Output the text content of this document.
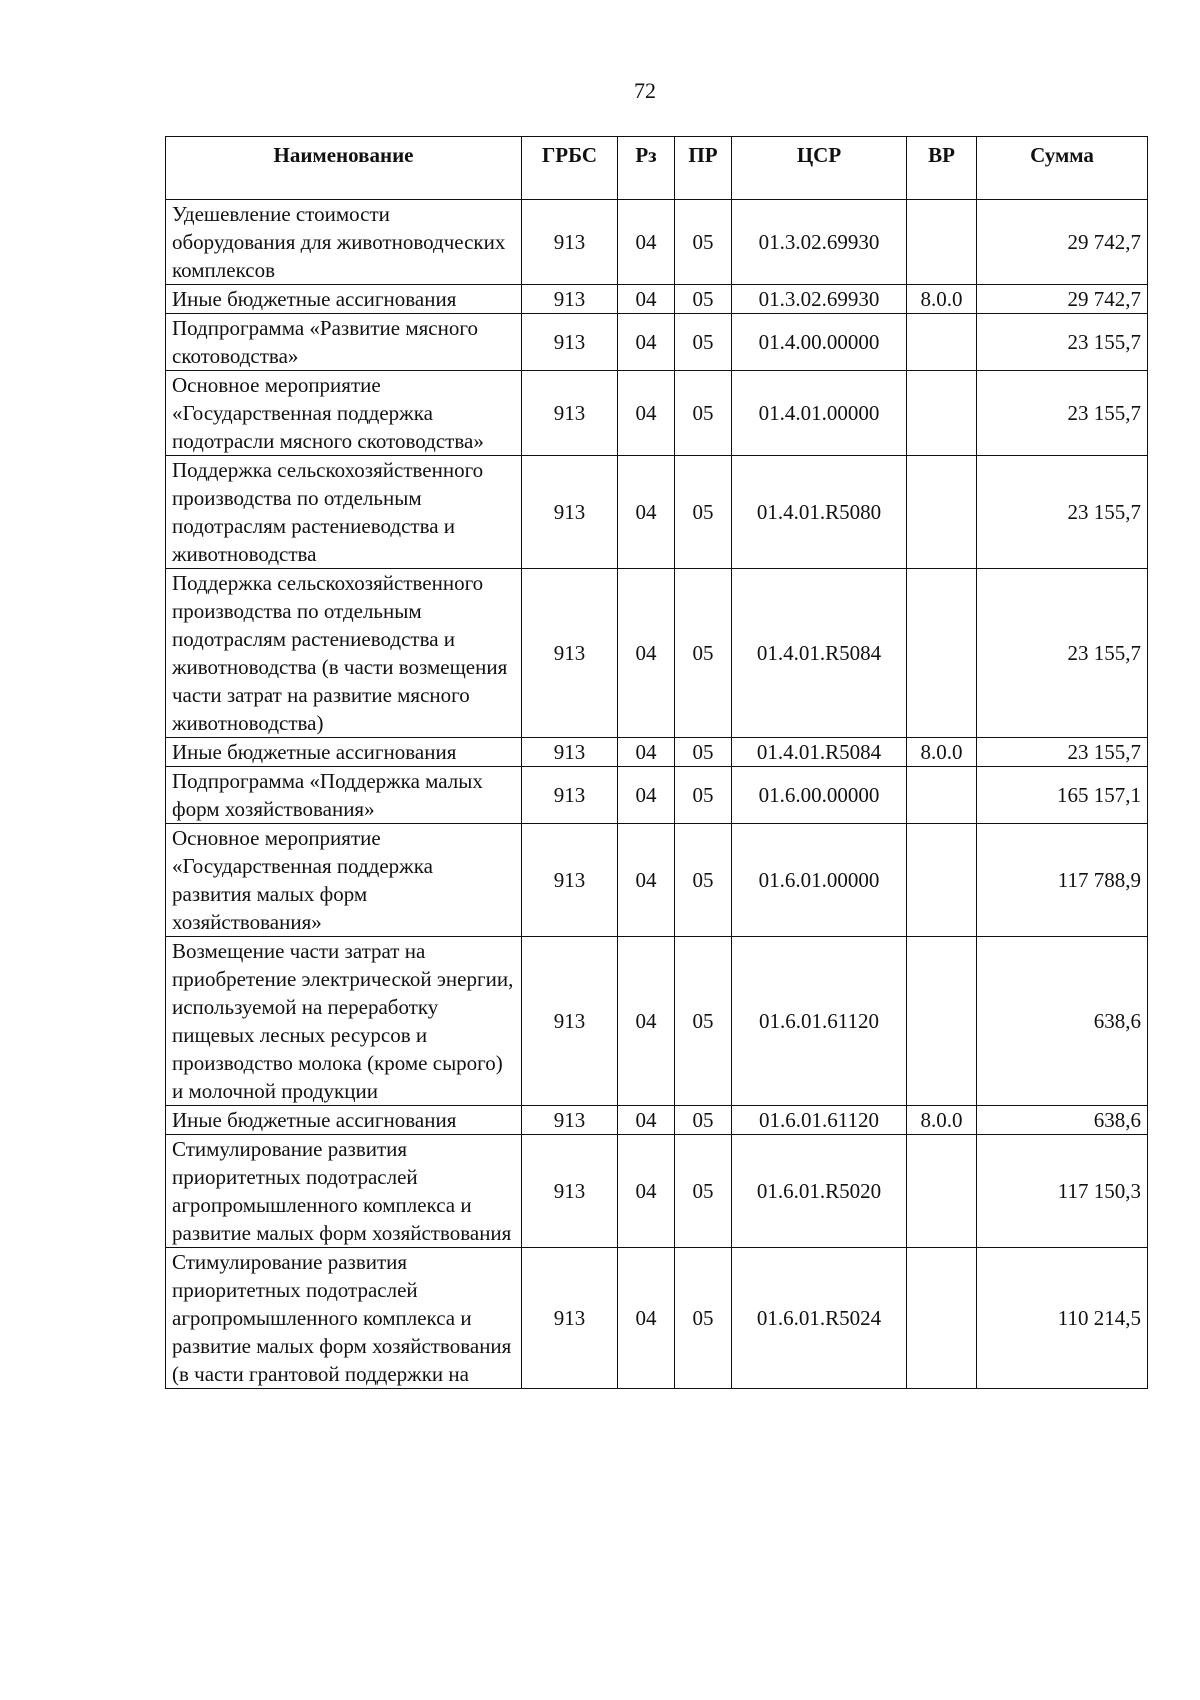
72
Наименование	ГРБС	Рз	ПР	ЦСР	ВР	Сумма
Удешевление стоимости оборудования для животноводческих комплексов	913	04	05	01.3.02.69930		29 742,7
Иные бюджетные ассигнования	913	04	05	01.3.02.69930	8.0.0	29 742,7
Подпрограмма «Развитие мясного скотоводства»	913	04	05	01.4.00.00000		23 155,7
Основное мероприятие «Государственная поддержка подотрасли мясного скотоводства»	913	04	05	01.4.01.00000		23 155,7
Поддержка сельскохозяйственного производства по отдельным подотраслям растениеводства и животноводства	913	04	05	01.4.01.R5080		23 155,7
Поддержка сельскохозяйственного производства по отдельным подотраслям растениеводства и животноводства (в части возмещения части затрат на развитие мясного животноводства)	913	04	05	01.4.01.R5084		23 155,7
Иные бюджетные ассигнования	913	04	05	01.4.01.R5084	8.0.0	23 155,7
Подпрограмма «Поддержка малых форм хозяйствования»	913	04	05	01.6.00.00000		165 157,1
Основное мероприятие «Государственная поддержка развития малых форм хозяйствования»	913	04	05	01.6.01.00000		117 788,9
Возмещение части затрат на приобретение электрической энергии, используемой на переработку пищевых лесных ресурсов и производство молока (кроме сырого) и молочной продукции	913	04	05	01.6.01.61120		638,6
Иные бюджетные ассигнования	913	04	05	01.6.01.61120	8.0.0	638,6
Стимулирование развития приоритетных подотраслей агропромышленного комплекса и развитие малых форм хозяйствования	913	04	05	01.6.01.R5020		117 150,3
Стимулирование развития приоритетных подотраслей агропромышленного комплекса и развитие малых форм хозяйствования (в части грантовой поддержки на	913	04	05	01.6.01.R5024		110 214,5
